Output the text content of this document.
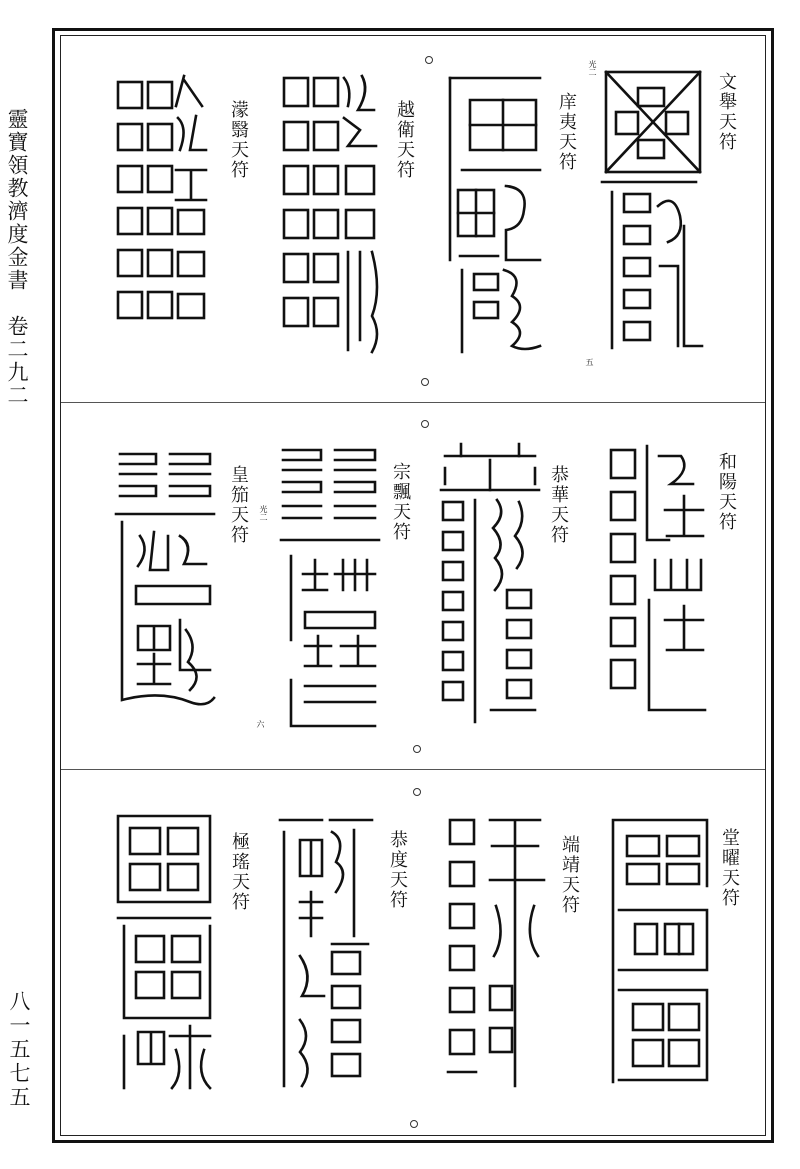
靈寶領教濟度金書　卷二九二
八一五七五
文舉天符
光二
庠夷天符
五
越衛天符
濛翳天符
和陽天符
恭華天符
宗飄天符
光二
皇笳天符
六
堂曜天符
端靖天符
恭度天符
極瑤天符
